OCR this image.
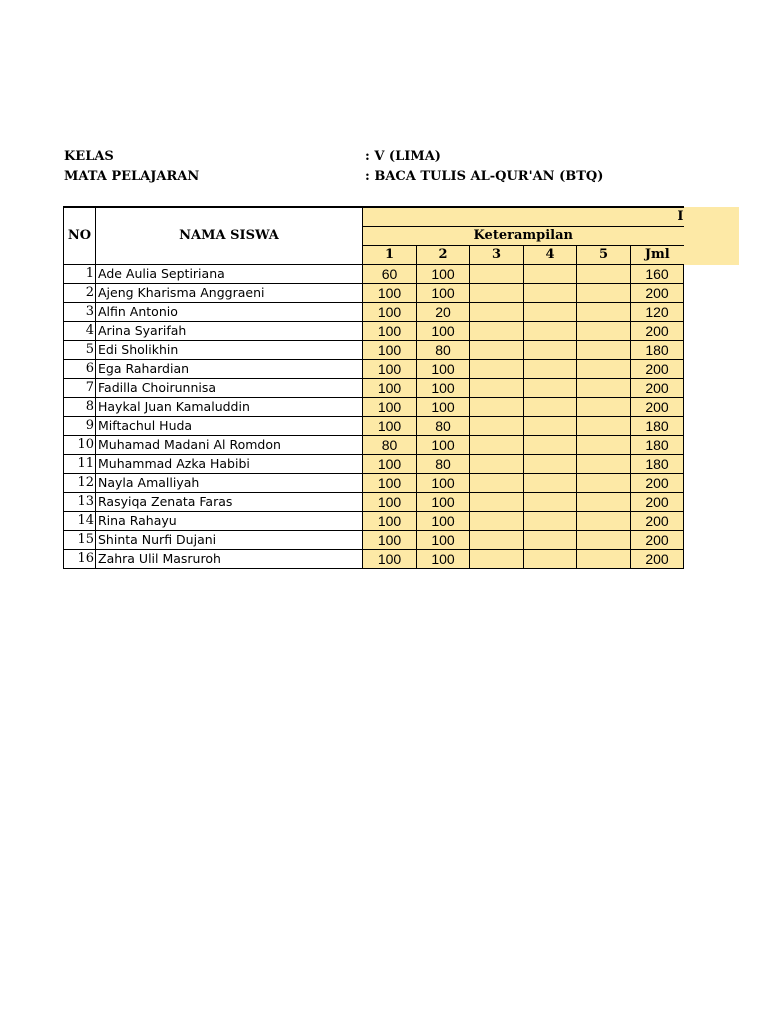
KELAS	: V (LIMA)
MATA PELAJARAN	: BACA TULIS AL-QUR'AN (BTQ)
NO	NAMA SISWA	I					
		Keterampilan					
		1	2	3	4	5	Jml
1	Ade Aulia Septiriana	60	100				160
2	Ajeng Kharisma Anggraeni	100	100				200
3	Alfin Antonio	100	20				120
4	Arina Syarifah	100	100				200
5	Edi Sholikhin	100	80				180
6	Ega Rahardian	100	100				200
7	Fadilla Choirunnisa	100	100				200
8	Haykal Juan Kamaluddin	100	100				200
9	Miftachul Huda	100	80				180
10	Muhamad Madani Al Romdon	80	100				180
11	Muhammad Azka Habibi	100	80				180
12	Nayla Amalliyah	100	100				200
13	Rasyiqa Zenata Faras	100	100				200
14	Rina Rahayu	100	100				200
15	Shinta Nurfi Dujani	100	100				200
16	Zahra Ulil Masruroh	100	100				200
